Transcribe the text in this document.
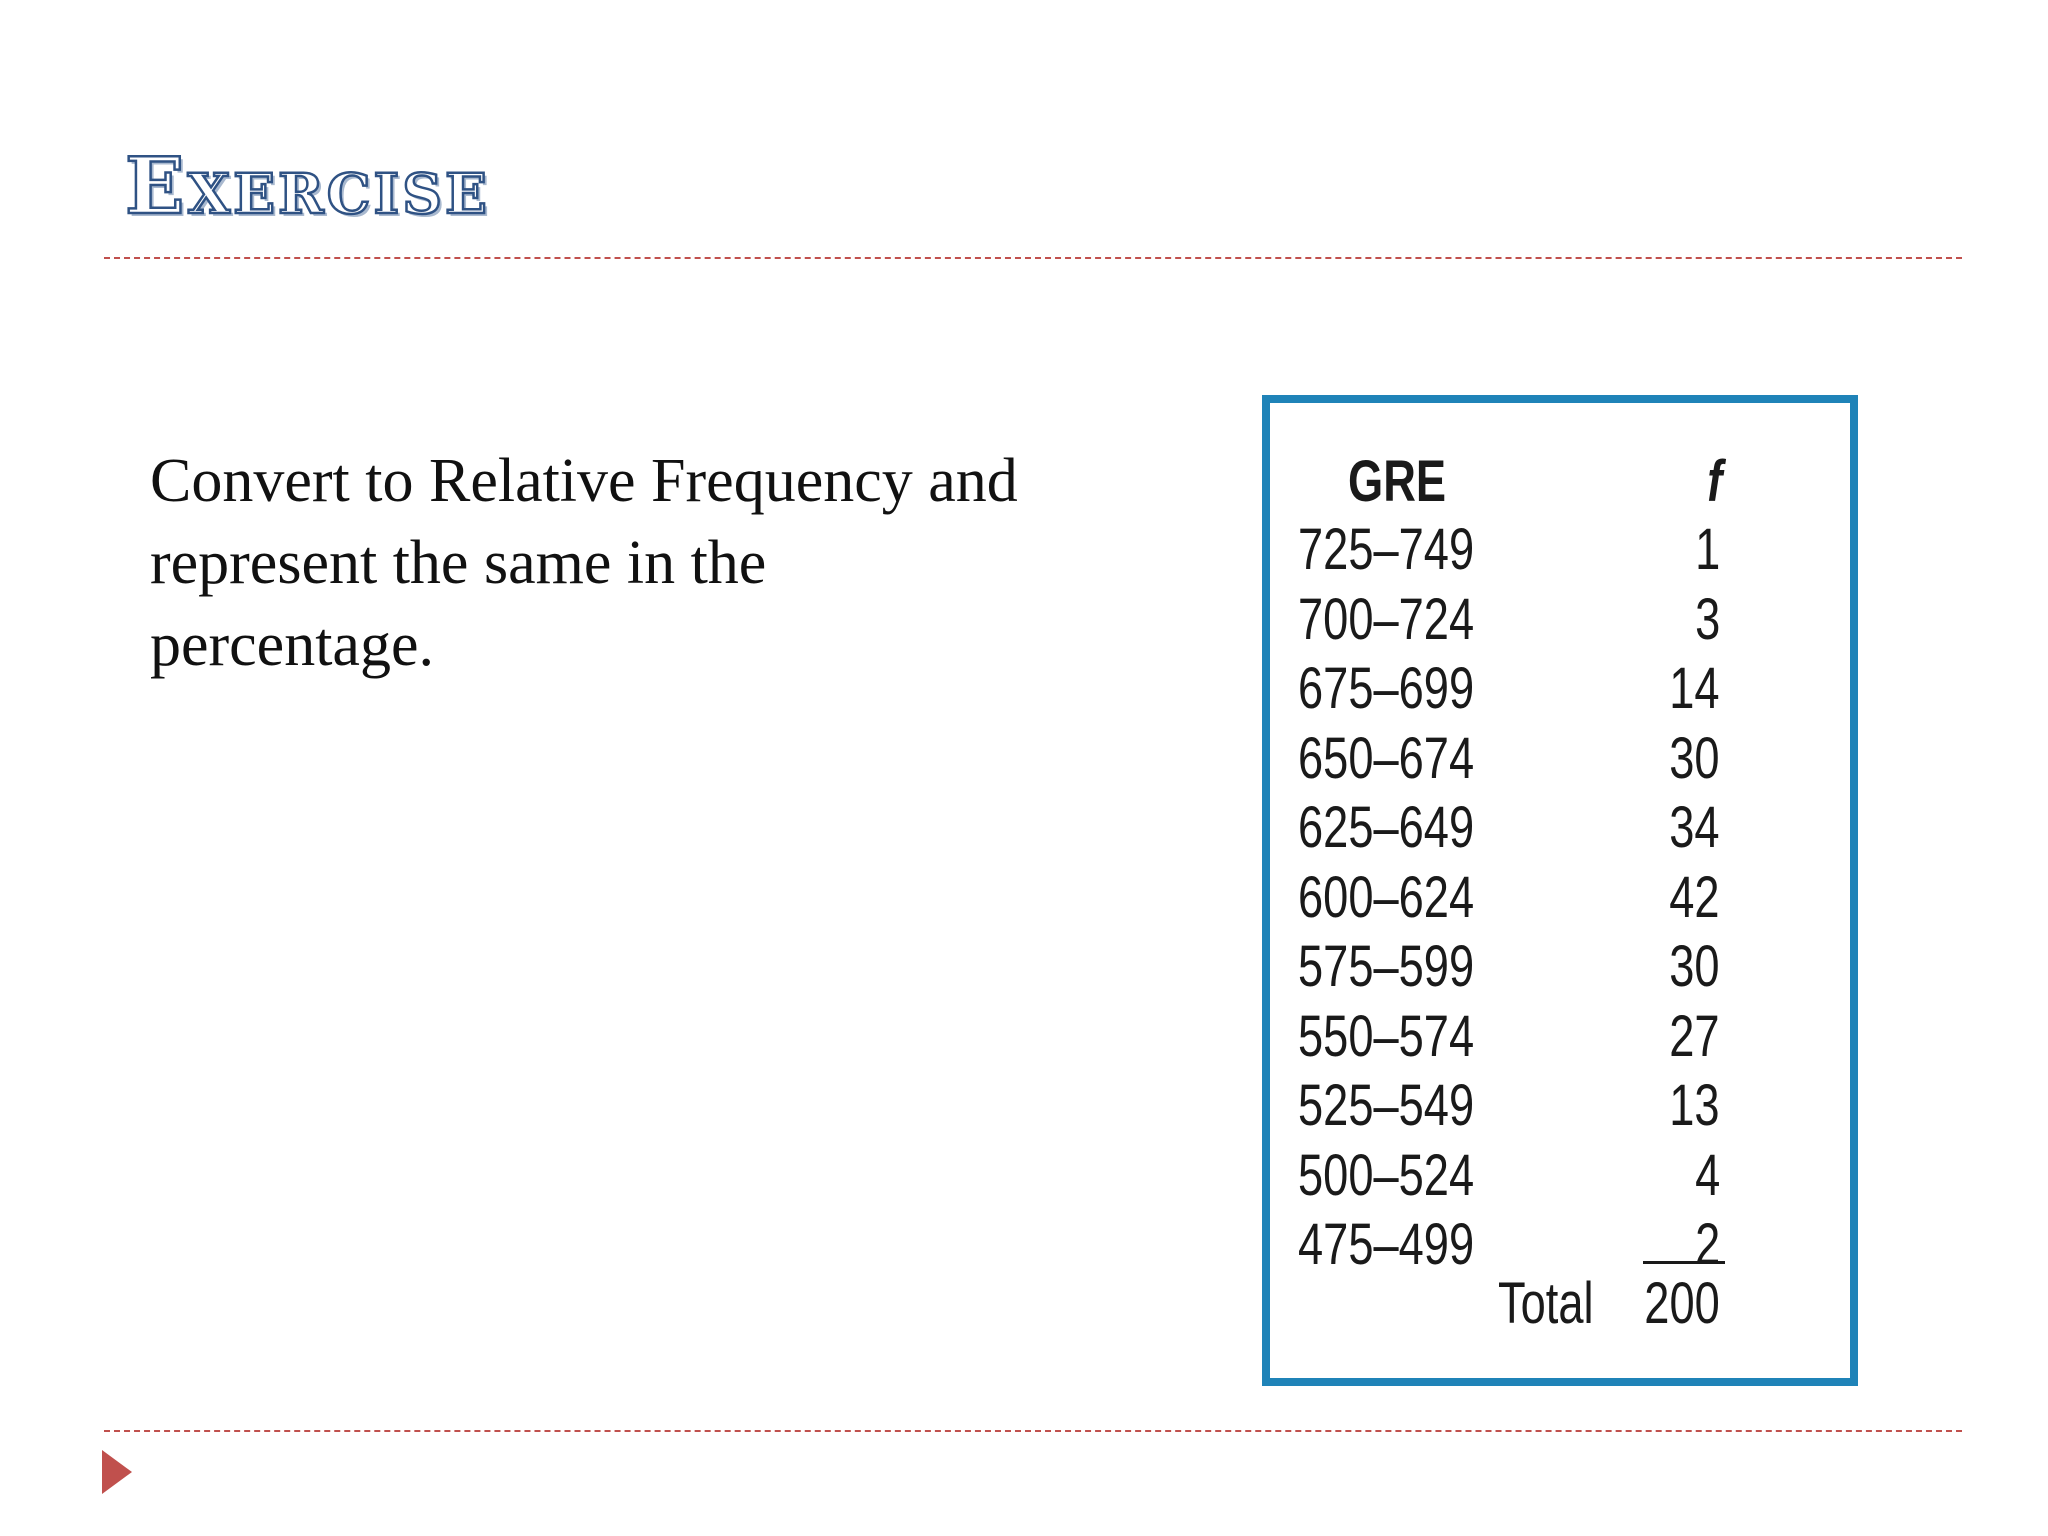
Exercise

Convert to Relative Frequency and represent the same in the percentage.

GRE	f
725–749	1
700–724	3
675–699	14
650–674	30
625–649	34
600–624	42
575–599	30
550–574	27
525–549	13
500–524	4
475–499	2
Total 200
